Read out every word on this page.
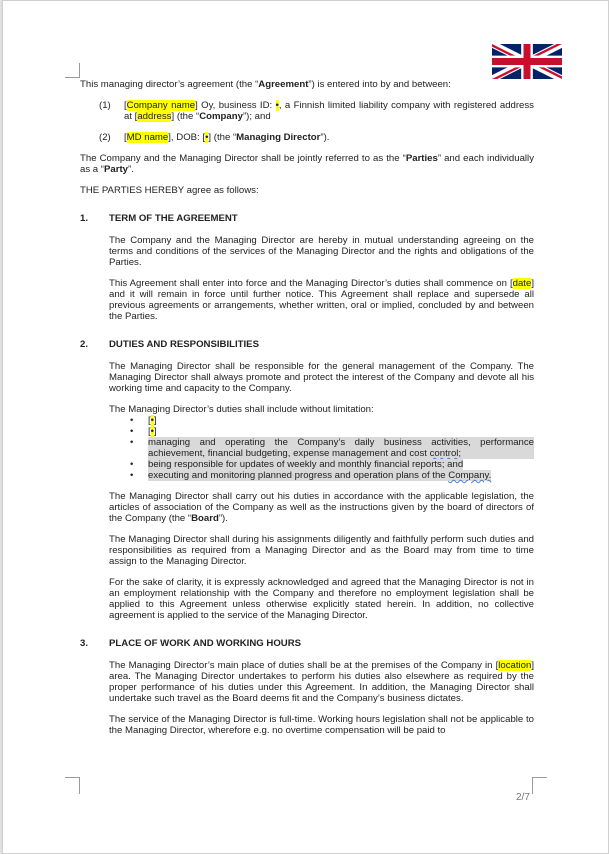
This managing director’s agreement (the “Agreement”) is entered into by and between:

(1)	[Company name] Oy, business ID: •, a Finnish limited liability company with registered address at [address] (the “Company”); and
(2)	[MD name], DOB: [•] (the “Managing Director”).

The Company and the Managing Director shall be jointly referred to as the “Parties” and each individually as a “Party”.

THE PARTIES HEREBY agree as follows:

1.	TERM OF THE AGREEMENT

The Company and the Managing Director are hereby in mutual understanding agreeing on the terms and conditions of the services of the Managing Director and the rights and obligations of the Parties.

This Agreement shall enter into force and the Managing Director’s duties shall commence on [date] and it will remain in force until further notice. This Agreement shall replace and supersede all previous agreements or arrangements, whether written, oral or implied, concluded by and between the Parties.

2.	DUTIES AND RESPONSIBILITIES

The Managing Director shall be responsible for the general management of the Company. The Managing Director shall always promote and protect the interest of the Company and devote all his working time and capacity to the Company.

The Managing Director’s duties shall include without limitation:

•	[•]
•	[•]
•	managing and operating the Company’s daily business activities, performance achievement, financial budgeting, expense management and cost control;
•	being responsible for updates of weekly and monthly financial reports; and
•	executing and monitoring planned progress and operation plans of the Company.

The Managing Director shall carry out his duties in accordance with the applicable legislation, the articles of association of the Company as well as the instructions given by the board of directors of the Company (the “Board”).

The Managing Director shall during his assignments diligently and faithfully perform such duties and responsibilities as required from a Managing Director and as the Board may from time to time assign to the Managing Director.

For the sake of clarity, it is expressly acknowledged and agreed that the Managing Director is not in an employment relationship with the Company and therefore no employment legislation shall be applied to this Agreement unless otherwise explicitly stated herein. In addition, no collective agreement is applied to the service of the Managing Director.

3.	PLACE OF WORK AND WORKING HOURS

The Managing Director’s main place of duties shall be at the premises of the Company in [location] area. The Managing Director undertakes to perform his duties also elsewhere as required by the proper performance of his duties under this Agreement. In addition, the Managing Director shall undertake such travel as the Board deems fit and the Company’s business dictates.

The service of the Managing Director is full-time. Working hours legislation shall not be applicable to the Managing Director, wherefore e.g. no overtime compensation will be paid to

2/7
